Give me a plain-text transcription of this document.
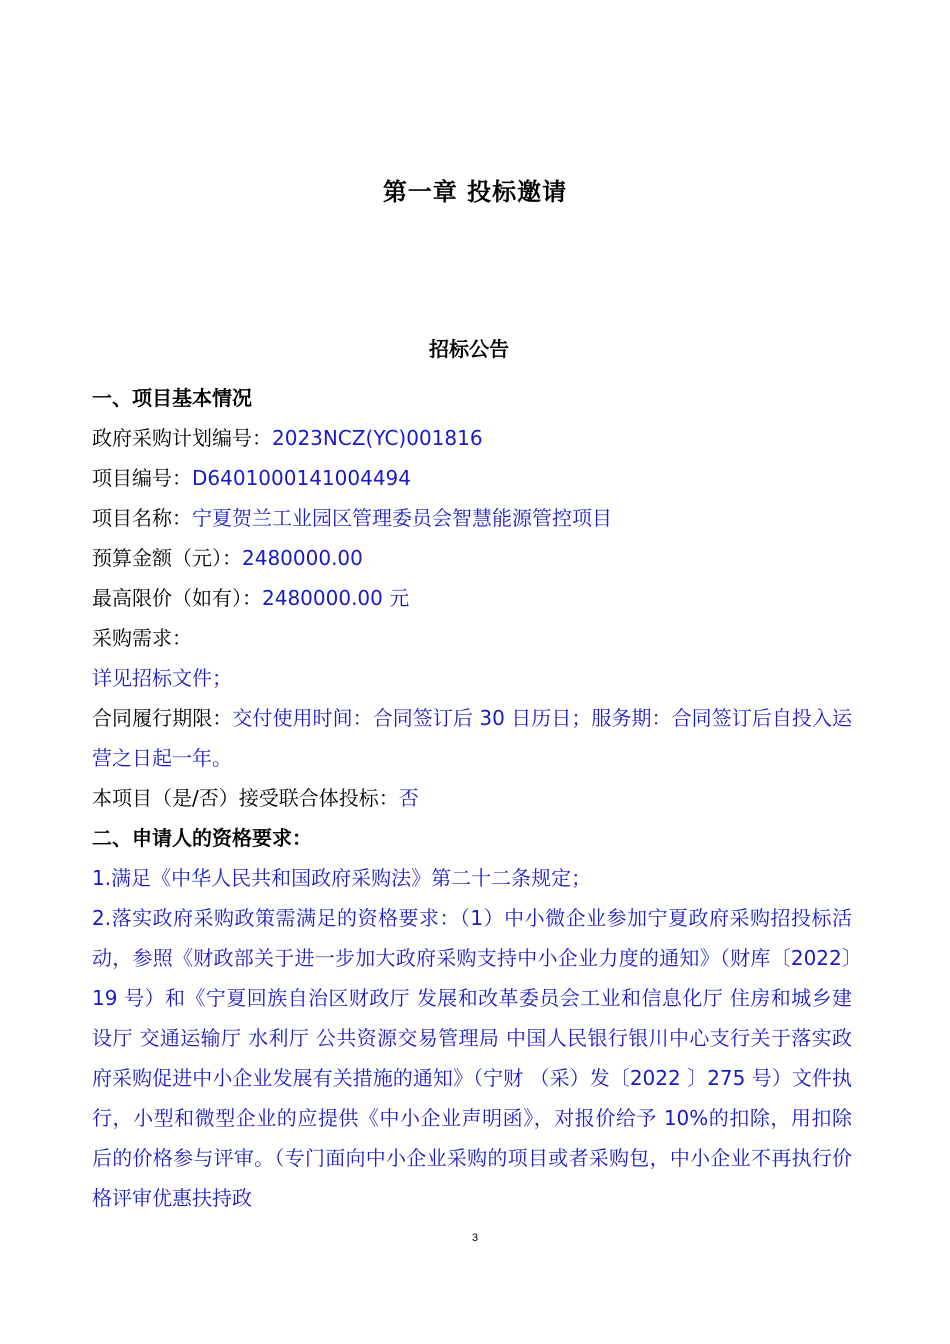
第一章 投标邀请
招标公告
一、项目基本情况
政府采购计划编号：2023NCZ(YC)001816
项目编号：D6401000141004494
项目名称：宁夏贺兰工业园区管理委员会智慧能源管控项目
预算金额（元）：2480000.00
最高限价（如有）：2480000.00 元
采购需求：
详见招标文件；
合同履行期限：交付使用时间：合同签订后 30 日历日；服务期：合同签订后自投入运营之日起一年。
本项目（是/否）接受联合体投标：否
二、申请人的资格要求：
1.满足《中华人民共和国政府采购法》第二十二条规定；
2.落实政府采购政策需满足的资格要求：（1）中小微企业参加宁夏政府采购招投标活动，参照《财政部关于进一步加大政府采购支持中小企业力度的通知》（财库〔2022〕19 号）和《宁夏回族自治区财政厅 发展和改革委员会工业和信息化厅 住房和城乡建设厅 交通运输厅 水利厅 公共资源交易管理局 中国人民银行银川中心支行关于落实政府采购促进中小企业发展有关措施的通知》（宁财 （采）发〔2022 〕275 号）文件执行，小型和微型企业的应提供《中小企业声明函》，对报价给予 10%的扣除，用扣除后的价格参与评审。（专门面向中小企业采购的项目或者采购包，中小企业不再执行价格评审优惠扶持政
3
